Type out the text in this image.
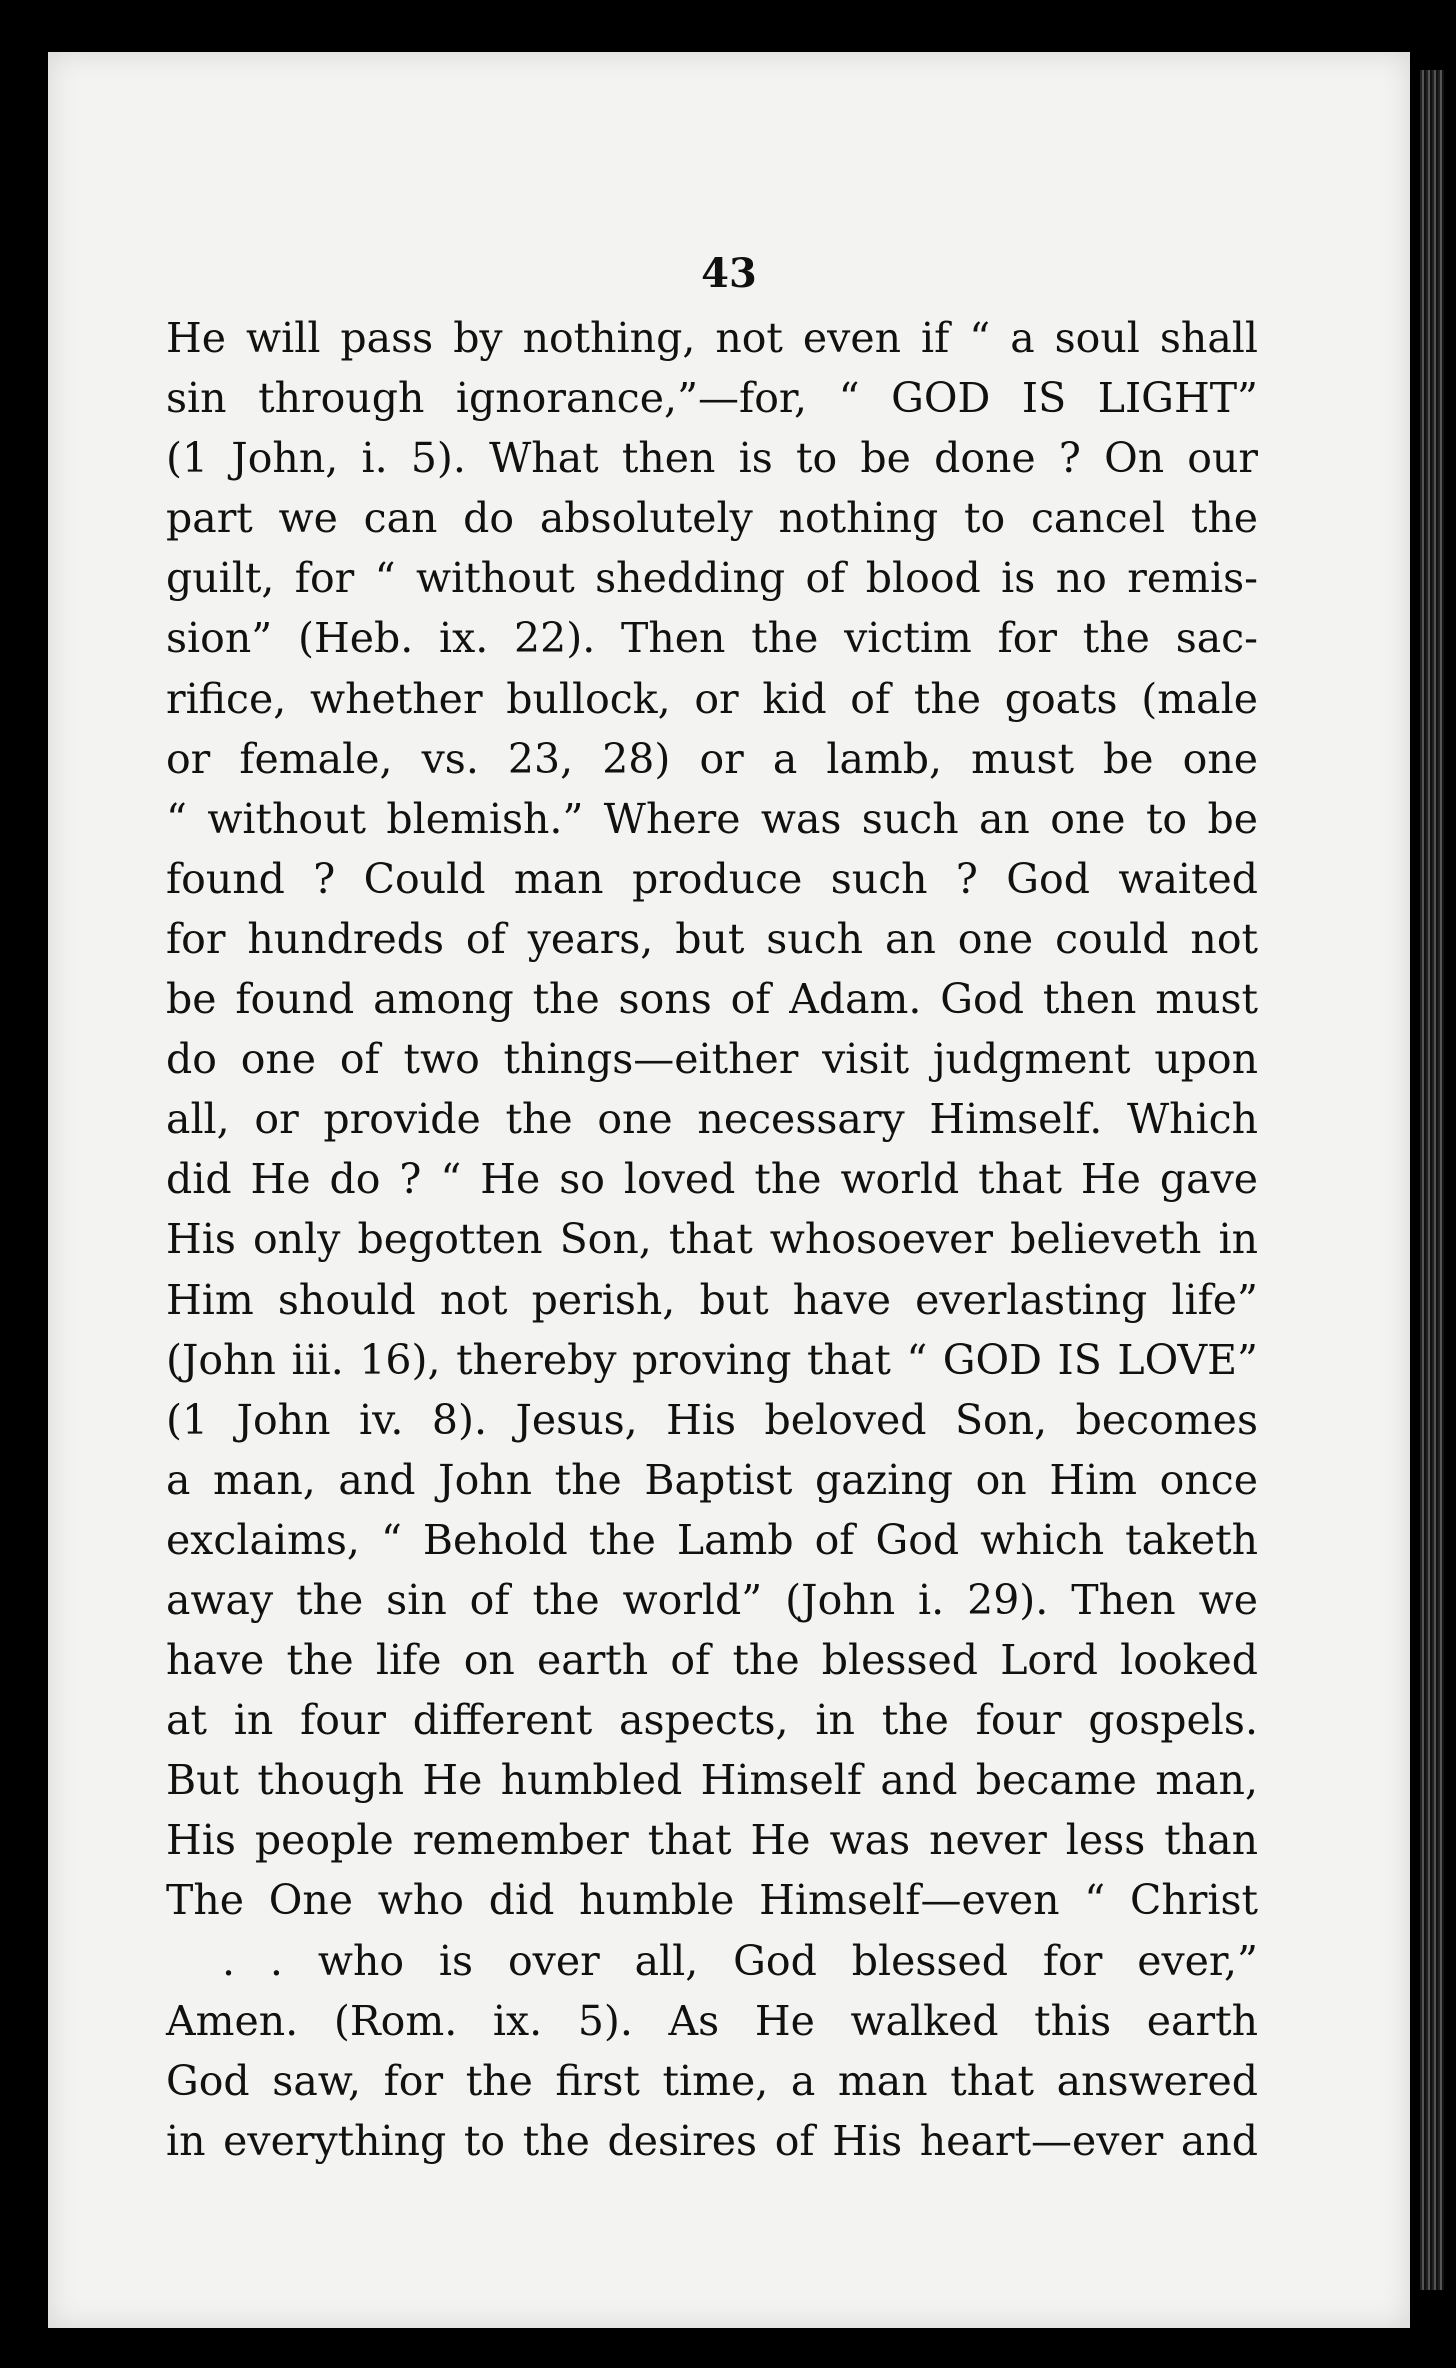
43
He will pass by nothing, not even if “ a soul shall
sin through ignorance,”—for, “ GOD IS LIGHT”
(1 John, i. 5). What then is to be done ? On our
part we can do absolutely nothing to cancel the
guilt, for “ without shedding of blood is no remis-
sion” (Heb. ix. 22). Then the victim for the sac-
rifice, whether bullock, or kid of the goats (male
or female, vs. 23, 28) or a lamb, must be one
“ without blemish.” Where was such an one to be
found ? Could man produce such ? God waited
for hundreds of years, but such an one could not
be found among the sons of Adam. God then must
do one of two things—either visit judgment upon
all, or provide the one necessary Himself. Which
did He do ? “ He so loved the world that He gave
His only begotten Son, that whosoever believeth in
Him should not perish, but have everlasting life”
(John iii. 16), thereby proving that “ GOD IS LOVE”
(1 John iv. 8). Jesus, His beloved Son, becomes
a man, and John the Baptist gazing on Him once
exclaims, “ Behold the Lamb of God which taketh
away the sin of the world” (John i. 29). Then we
have the life on earth of the blessed Lord looked
at in four different aspects, in the four gospels.
But though He humbled Himself and became man,
His people remember that He was never less than
The One who did humble Himself—even “ Christ
. . who is over all, God blessed for ever,”
Amen. (Rom. ix. 5). As He walked this earth
God saw, for the first time, a man that answered
in everything to the desires of His heart—ever and
